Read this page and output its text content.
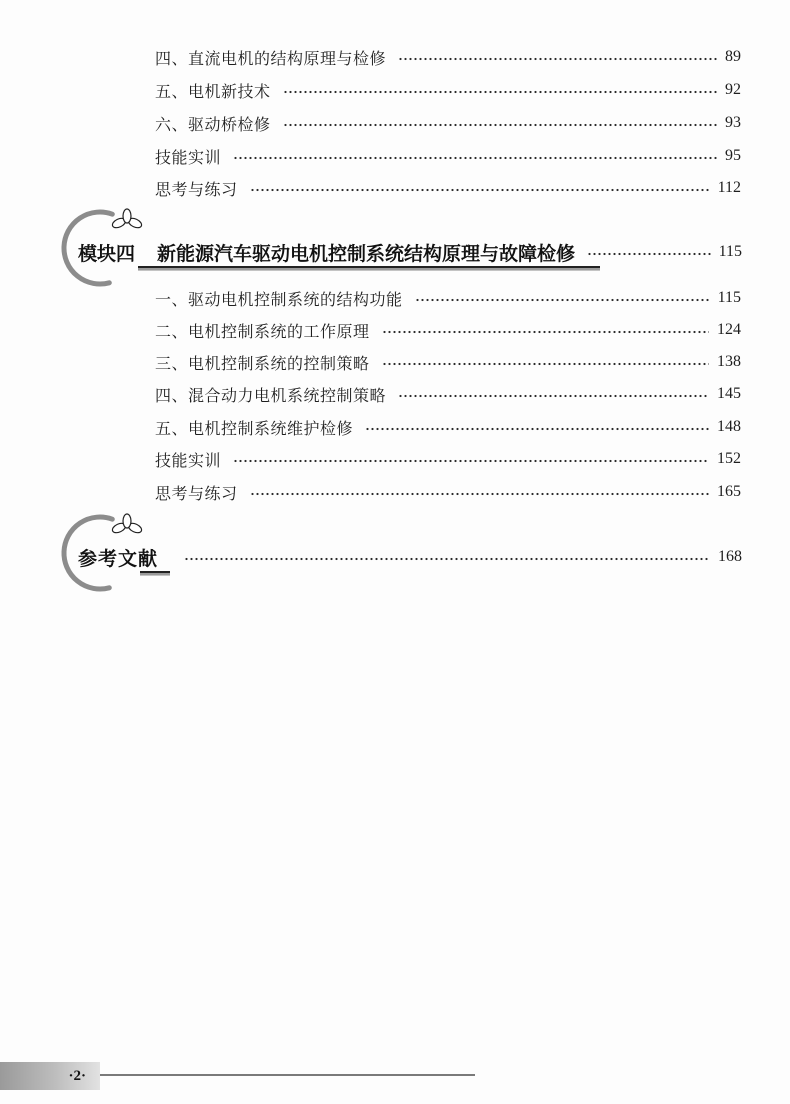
四、直流电机的结构原理与检修	89
五、电机新技术	92
六、驱动桥检修	93
技能实训	95
思考与练习	112
模块四 新能源汽车驱动电机控制系统结构原理与故障检修	115
一、驱动电机控制系统的结构功能	115
二、电机控制系统的工作原理	124
三、电机控制系统的控制策略	138
四、混合动力电机系统控制策略	145
五、电机控制系统维护检修	148
技能实训	152
思考与练习	165
参考文献	168
·2·
